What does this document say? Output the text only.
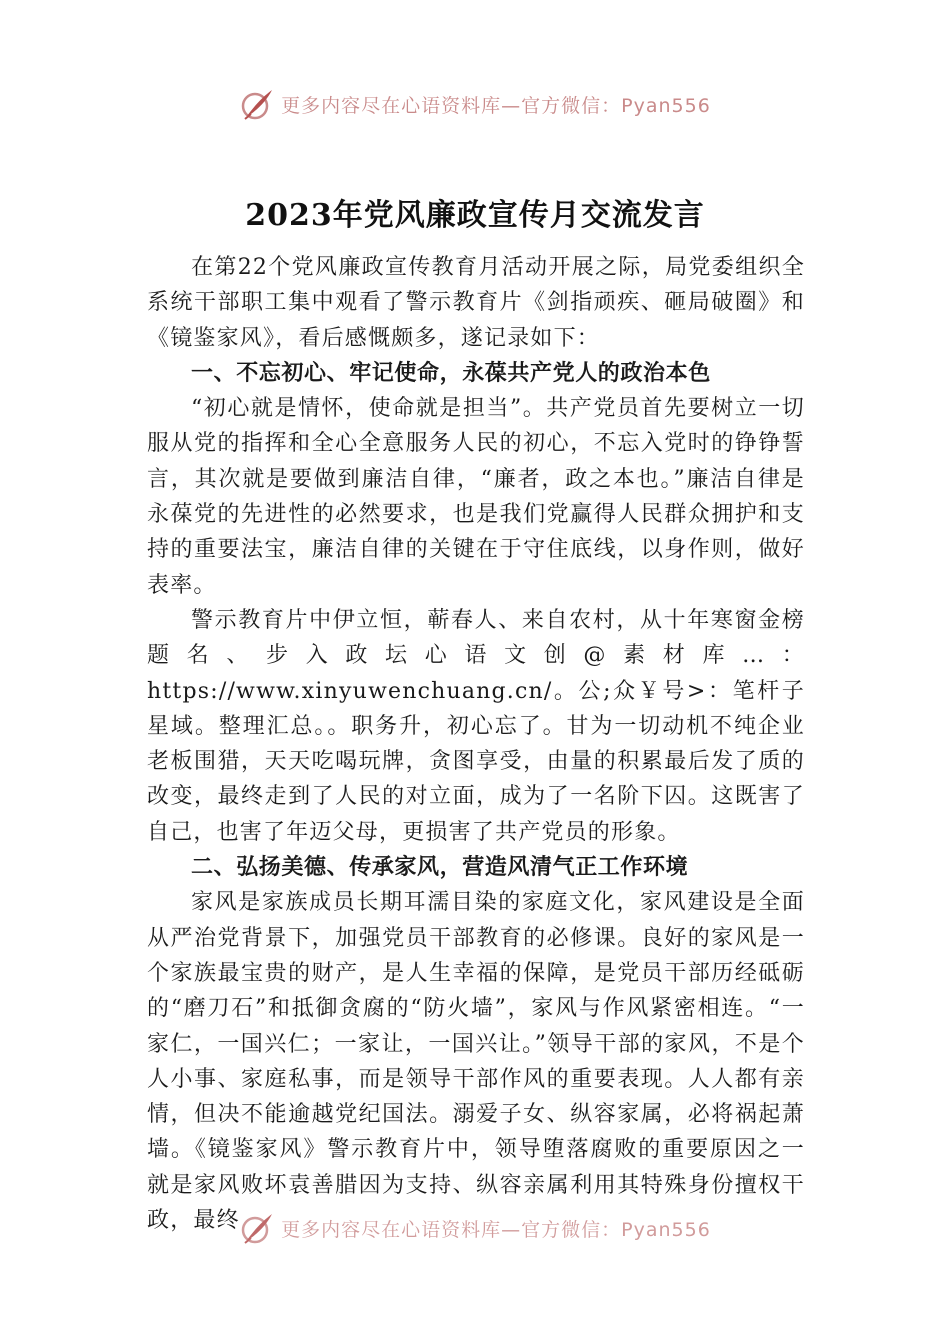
更多内容尽在心语资料库—官方微信：Pyan556
2023年党风廉政宣传月交流发言

在第22个党风廉政宣传教育月活动开展之际，局党委组织全系统干部职工集中观看了警示教育片《剑指顽疾、砸局破圈》和《镜鉴家风》，看后感慨颇多，遂记录如下：

一、不忘初心、牢记使命，永葆共产党人的政治本色

“初心就是情怀，使命就是担当”。共产党员首先要树立一切服从党的指挥和全心全意服务人民的初心，不忘入党时的铮铮誓言，其次就是要做到廉洁自律，“廉者，政之本也。”廉洁自律是永葆党的先进性的必然要求，也是我们党赢得人民群众拥护和支持的重要法宝，廉洁自律的关键在于守住底线，以身作则，做好表率。

警示教育片中伊立恒，蕲春人、来自农村，从十年寒窗金榜题名、步入政坛心语文创@素材库…：https://www.xinyuwenchuang.cn/。公;众￥号>：笔杆子星域。整理汇总。。职务升，初心忘了。甘为一切动机不纯企业老板围猎，天天吃喝玩牌，贪图享受，由量的积累最后发了质的改变，最终走到了人民的对立面，成为了一名阶下囚。这既害了自己，也害了年迈父母，更损害了共产党员的形象。

二、弘扬美德、传承家风，营造风清气正工作环境

家风是家族成员长期耳濡目染的家庭文化，家风建设是全面从严治党背景下，加强党员干部教育的必修课。良好的家风是一个家族最宝贵的财产，是人生幸福的保障，是党员干部历经砥砺的“磨刀石”和抵御贪腐的“防火墙”，家风与作风紧密相连。“一家仁，一国兴仁；一家让，一国兴让。”领导干部的家风，不是个人小事、家庭私事，而是领导干部作风的重要表现。人人都有亲情，但决不能逾越党纪国法。溺爱子女、纵容家属，必将祸起萧墙。《镜鉴家风》警示教育片中，领导堕落腐败的重要原因之一就是家风败坏袁善腊因为支持、纵容亲属利用其特殊身份擅权干政，最终	更多内容尽在心语资料库—官方微信：Pyan556
